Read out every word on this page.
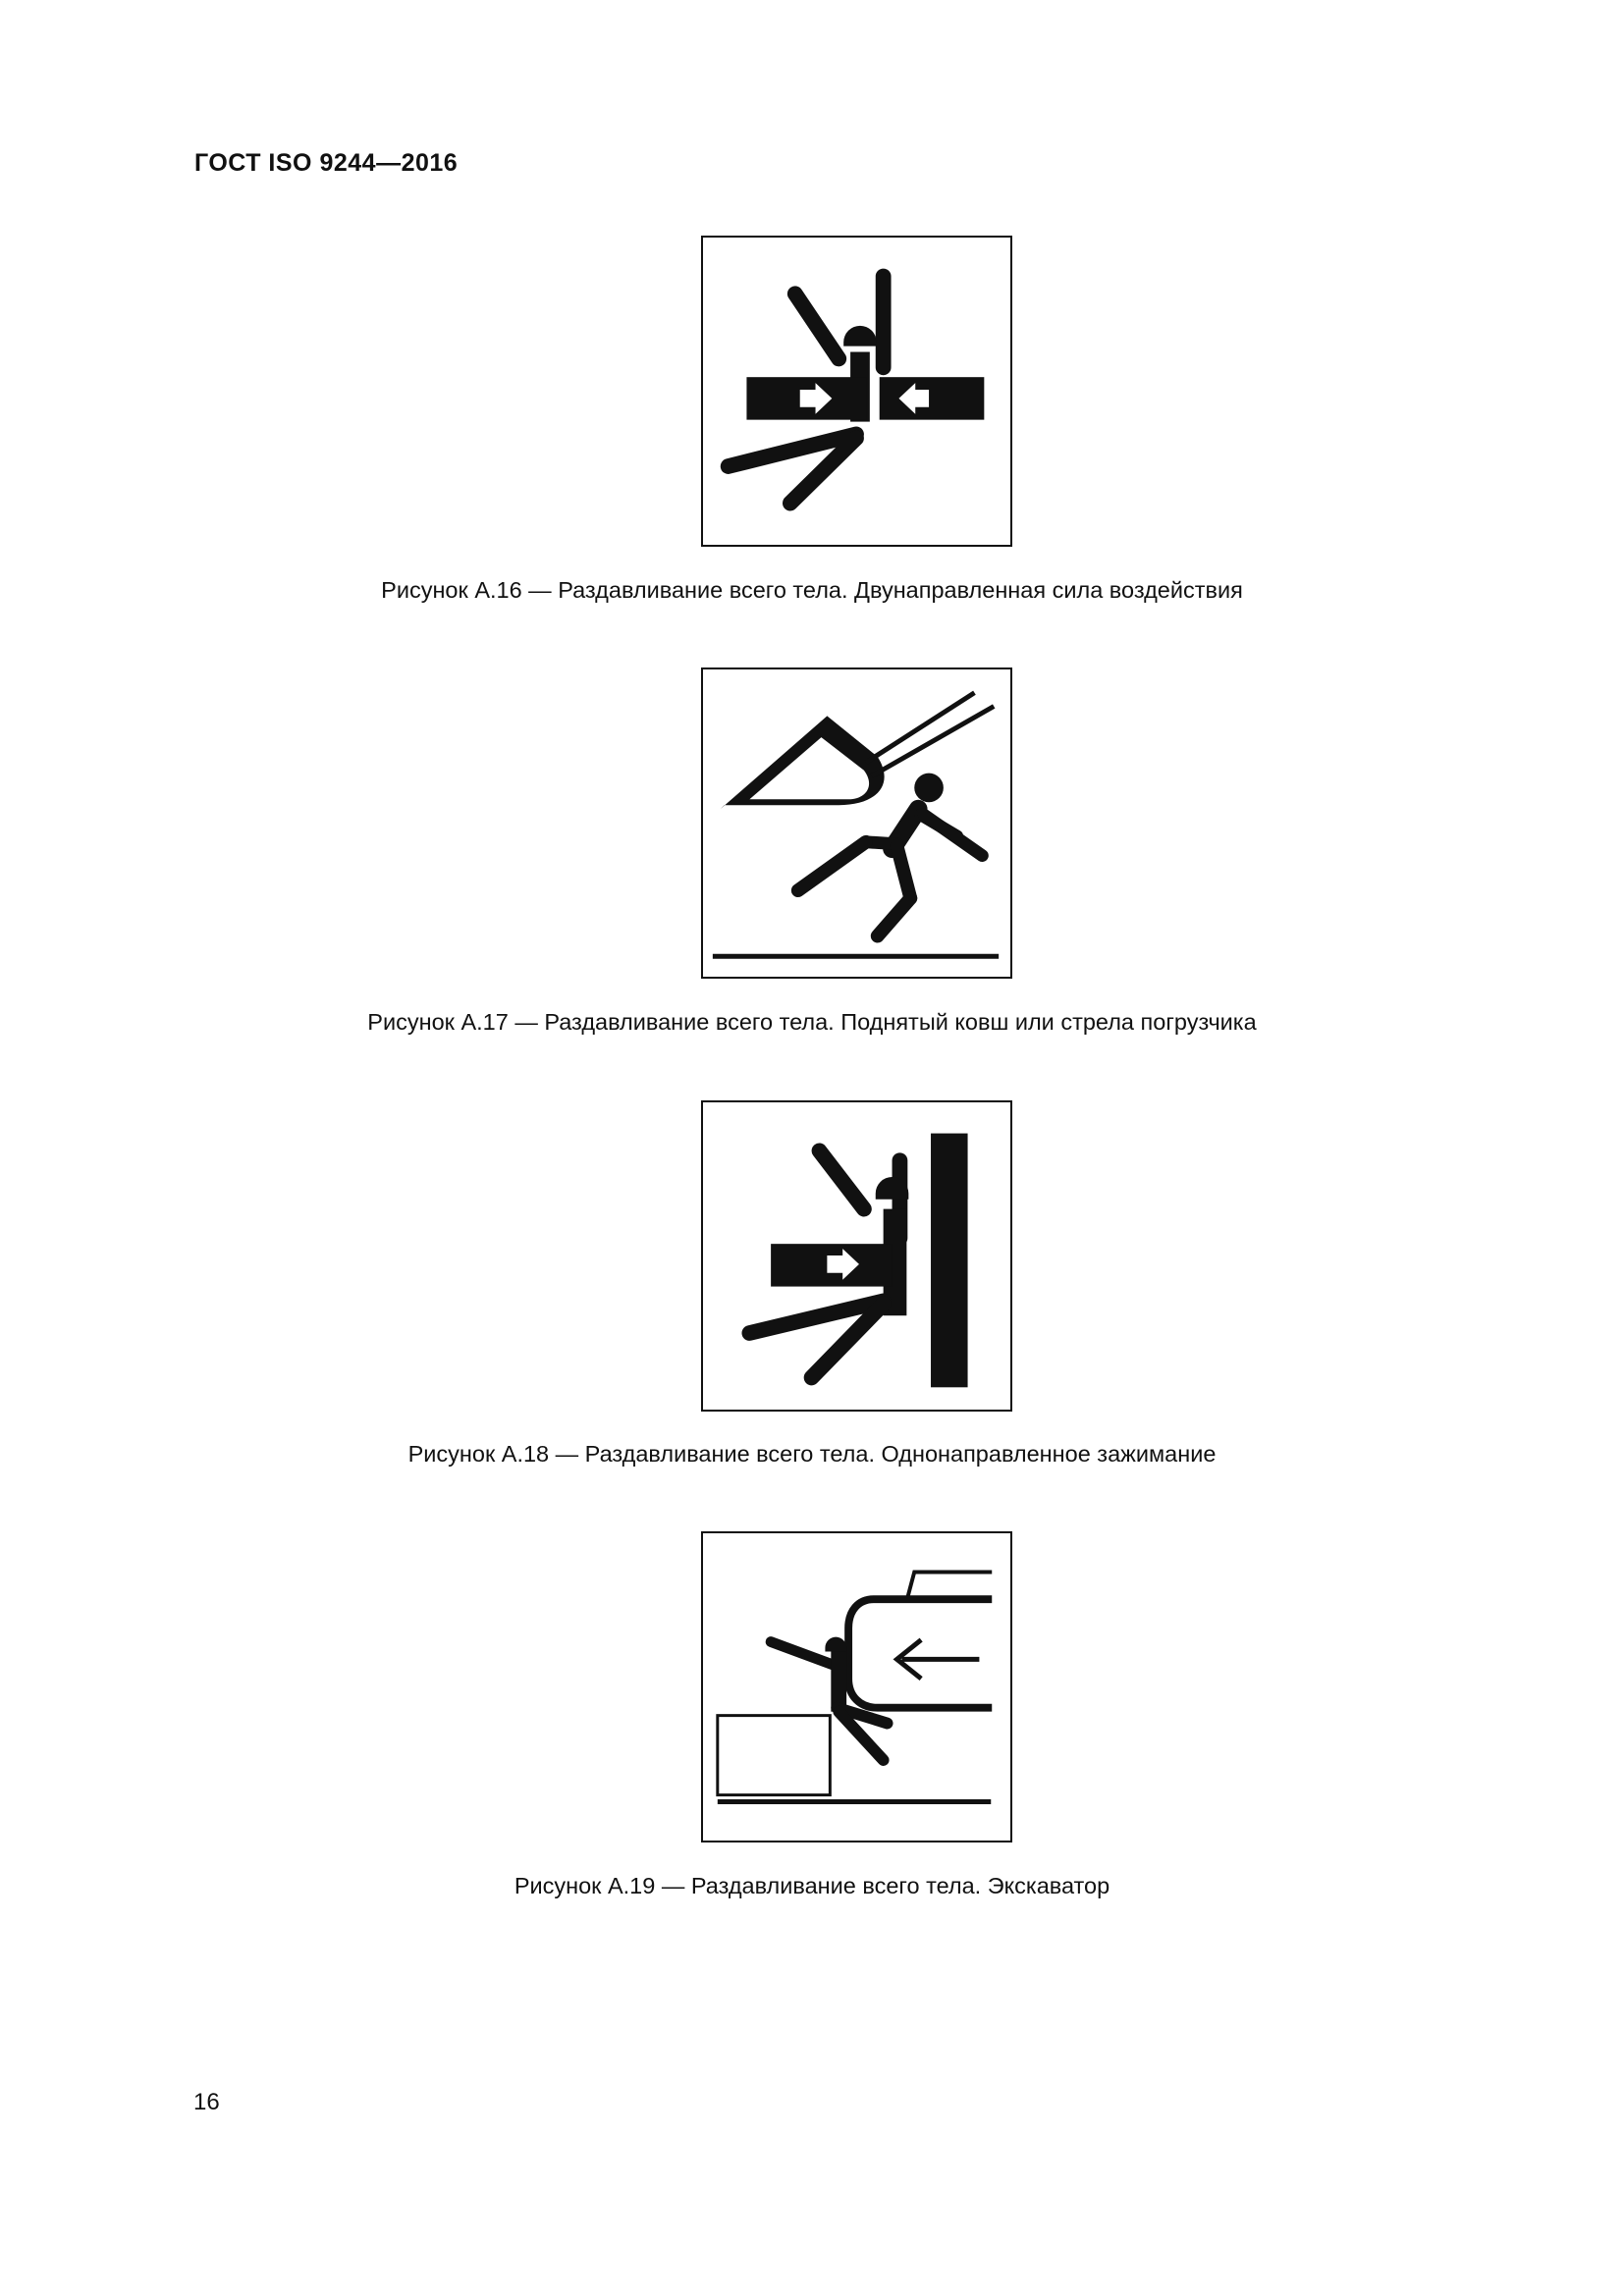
ГОСТ ISO 9244—2016
Рисунок А.16 — Раздавливание всего тела. Двунаправленная сила воздействия
Рисунок А.17 — Раздавливание всего тела. Поднятый ковш или стрела погрузчика
Рисунок А.18 — Раздавливание всего тела. Однонаправленное зажимание
Рисунок А.19 — Раздавливание всего тела. Экскаватор
16
